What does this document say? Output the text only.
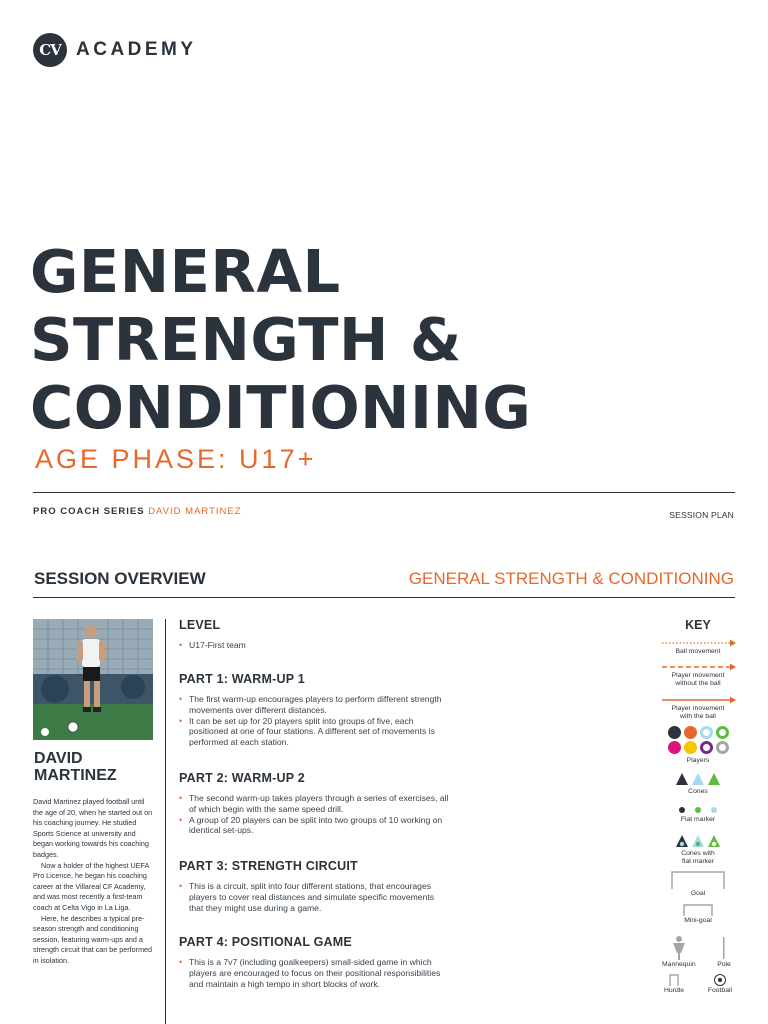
CV ACADEMY
GENERAL
STRENGTH &
CONDITIONING
AGE PHASE: U17+
PRO COACH SERIES DAVID MARTINEZ	SESSION PLAN
SESSION OVERVIEW	GENERAL STRENGTH & CONDITIONING
DAVID
MARTINEZ

David Martinez played football until the age of 20, when he started out on his coaching journey. He studied Sports Science at university and began working towards his coaching badges.

Now a holder of the highest UEFA Pro Licence, he began his coaching career at the Villareal CF Academy, and was most recently a first-team coach at Celta Vigo in La Liga.

Here, he describes a typical pre-season strength and conditioning session, featuring warm-ups and a strength circuit that can be performed in isolation.

LEVEL
• U17-First team
PART 1: WARM-UP 1
• The first warm-up encourages players to perform different strength movements over different distances.
• It can be set up for 20 players split into groups of five, each positioned at one of four stations. A different set of movements is performed at each station.
PART 2: WARM-UP 2
• The second warm-up takes players through a series of exercises, all of which begin with the same speed drill.
• A group of 20 players can be split into two groups of 10 working on identical set-ups.
PART 3: STRENGTH CIRCUIT
• This is a circuit, split into four different stations, that encourages players to cover real distances and simulate specific movements that they might use during a game.
PART 4: POSITIONAL GAME
• This is a 7v7 (including goalkeepers) small-sided game in which players are encouraged to focus on their positional responsibilities and maintain a high tempo in short blocks of work.
KEY
Ball movement
Player movement
without the ball
Player movement
with the ball
Players
Cones
Flat marker
Cones with
flat marker
Goal
Mini-goal
Mannequin	Pole
Hurdle	Football
